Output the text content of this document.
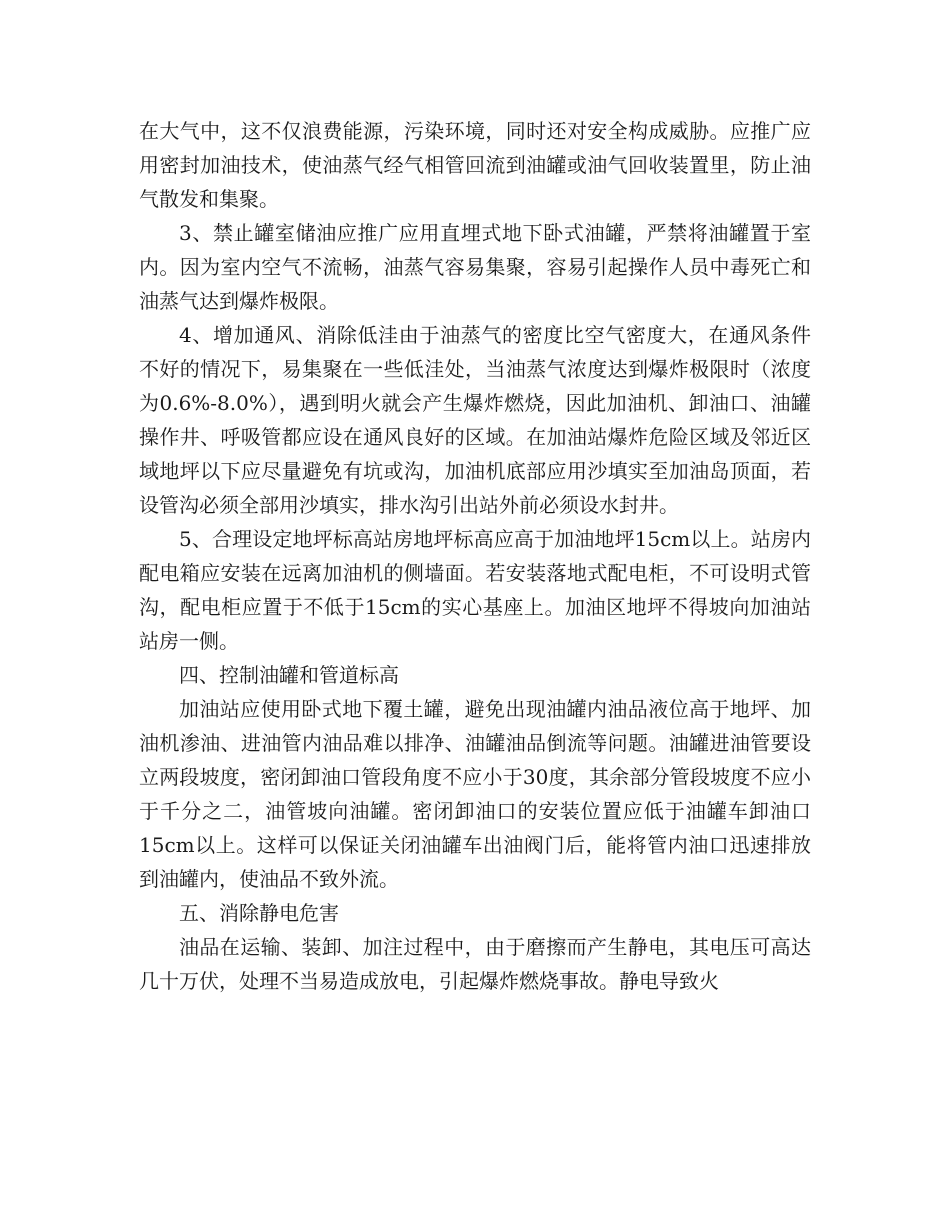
在大气中，这不仅浪费能源，污染环境，同时还对安全构成威胁。应推广应用密封加油技术，使油蒸气经气相管回流到油罐或油气回收装置里，防止油气散发和集聚。

3、禁止罐室储油应推广应用直埋式地下卧式油罐，严禁将油罐置于室内。因为室内空气不流畅，油蒸气容易集聚，容易引起操作人员中毒死亡和油蒸气达到爆炸极限。

4、增加通风、消除低洼由于油蒸气的密度比空气密度大，在通风条件不好的情况下，易集聚在一些低洼处，当油蒸气浓度达到爆炸极限时（浓度为0.6%-8.0%），遇到明火就会产生爆炸燃烧，因此加油机、卸油口、油罐操作井、呼吸管都应设在通风良好的区域。在加油站爆炸危险区域及邻近区域地坪以下应尽量避免有坑或沟，加油机底部应用沙填实至加油岛顶面，若设管沟必须全部用沙填实，排水沟引出站外前必须设水封井。

5、合理设定地坪标高站房地坪标高应高于加油地坪15cm以上。站房内配电箱应安装在远离加油机的侧墙面。若安装落地式配电柜，不可设明式管沟，配电柜应置于不低于15cm的实心基座上。加油区地坪不得坡向加油站站房一侧。

四、控制油罐和管道标高

加油站应使用卧式地下覆土罐，避免出现油罐内油品液位高于地坪、加油机渗油、进油管内油品难以排净、油罐油品倒流等问题。油罐进油管要设立两段坡度，密闭卸油口管段角度不应小于30度，其余部分管段坡度不应小于千分之二，油管坡向油罐。密闭卸油口的安装位置应低于油罐车卸油口15cm以上。这样可以保证关闭油罐车出油阀门后，能将管内油口迅速排放到油罐内，使油品不致外流。

五、消除静电危害

油品在运输、装卸、加注过程中，由于磨擦而产生静电，其电压可高达几十万伏，处理不当易造成放电，引起爆炸燃烧事故。静电导致火
